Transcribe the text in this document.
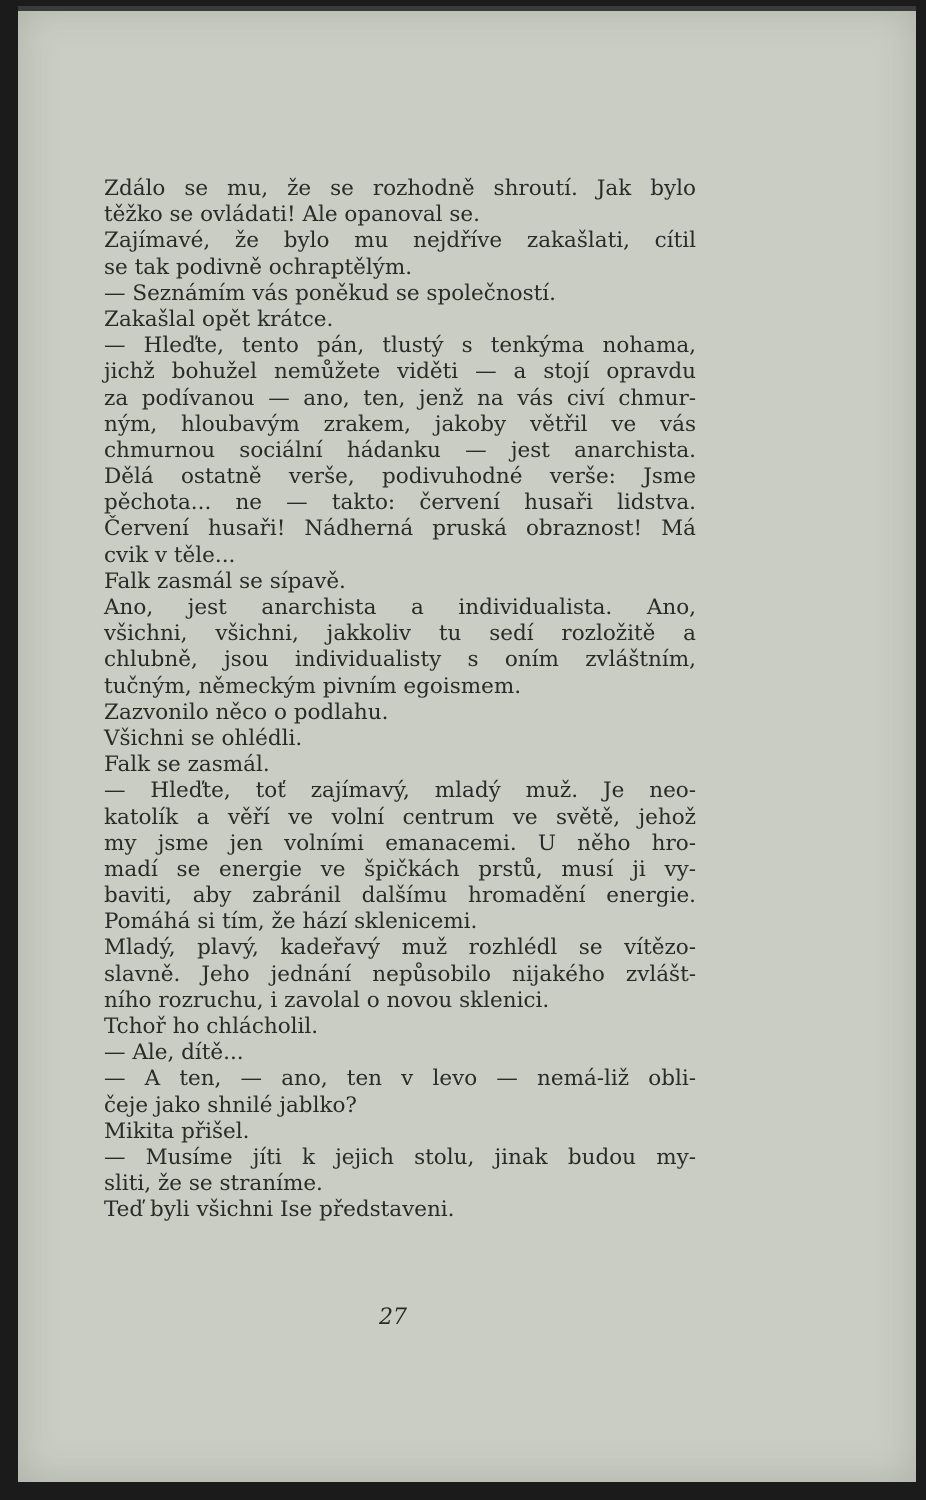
Zdálo se mu, že se rozhodně shroutí. Jak bylo
těžko se ovládati! Ale opanoval se.
Zajímavé, že bylo mu nejdříve zakašlati, cítil
se tak podivně ochraptělým.
— Seznámím vás poněkud se společností.
Zakašlal opět krátce.
— Hleďte, tento pán, tlustý s tenkýma nohama,
jichž bohužel nemůžete viděti — a stojí opravdu
za podívanou — ano, ten, jenž na vás civí chmur-
ným, hloubavým zrakem, jakoby větřil ve vás
chmurnou sociální hádanku — jest anarchista.
Dělá ostatně verše, podivuhodné verše: Jsme
pěchota... ne — takto: červení husaři lidstva.
Červení husaři! Nádherná pruská obraznost! Má
cvik v těle...
Falk zasmál se sípavě.
Ano, jest anarchista a individualista. Ano,
všichni, všichni, jakkoliv tu sedí rozložitě a
chlubně, jsou individualisty s oním zvláštním,
tučným, německým pivním egoismem.
Zazvonilo něco o podlahu.
Všichni se ohlédli.
Falk se zasmál.
— Hleďte, toť zajímavý, mladý muž. Je neo-
katolík a věří ve volní centrum ve světě, jehož
my jsme jen volními emanacemi. U něho hro-
madí se energie ve špičkách prstů, musí ji vy-
baviti, aby zabránil dalšímu hromadění energie.
Pomáhá si tím, že hází sklenicemi.
Mladý, plavý, kadeřavý muž rozhlédl se vítězo-
slavně. Jeho jednání nepůsobilo nijakého zvlášt-
ního rozruchu, i zavolal o novou sklenici.
Tchoř ho chlácholil.
— Ale, dítě...
— A ten, — ano, ten v levo — nemá-liž obli-
čeje jako shnilé jablko?
Mikita přišel.
— Musíme jíti k jejich stolu, jinak budou my-
sliti, že se straníme.
Teď byli všichni Ise představeni.
27
